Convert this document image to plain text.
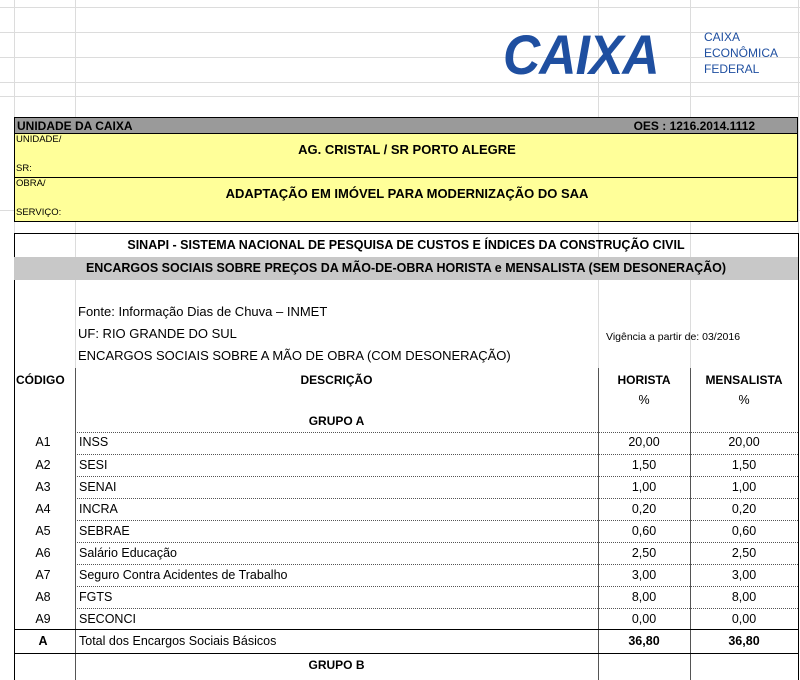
CAIXA	CAIXA
ECONÔMICA
FEDERAL
UNIDADE DA CAIXA	OES : 1216.2014.1112
UNIDADE/
SR:
AG. CRISTAL / SR PORTO ALEGRE
OBRA/
SERVIÇO:
ADAPTAÇÃO EM IMÓVEL PARA MODERNIZAÇÃO DO SAA
SINAPI - SISTEMA NACIONAL DE PESQUISA DE CUSTOS E ÍNDICES DA CONSTRUÇÃO CIVIL
ENCARGOS SOCIAIS SOBRE PREÇOS DA MÃO-DE-OBRA HORISTA e MENSALISTA (SEM DESONERAÇÃO)
Fonte: Informação Dias de Chuva – INMET
UF: RIO GRANDE DO SUL	Vigência a partir de: 03/2016
ENCARGOS SOCIAIS SOBRE A MÃO DE OBRA (COM DESONERAÇÃO)
CÓDIGO	DESCRIÇÃO	HORISTA	MENSALISTA
%	%
GRUPO A
A1	INSS	20,00	20,00
A2	SESI	1,50	1,50
A3	SENAI	1,00	1,00
A4	INCRA	0,20	0,20
A5	SEBRAE	0,60	0,60
A6	Salário Educação	2,50	2,50
A7	Seguro Contra Acidentes de Trabalho	3,00	3,00
A8	FGTS	8,00	8,00
A9	SECONCI	0,00	0,00
A	Total dos Encargos Sociais Básicos	36,80	36,80
GRUPO B
